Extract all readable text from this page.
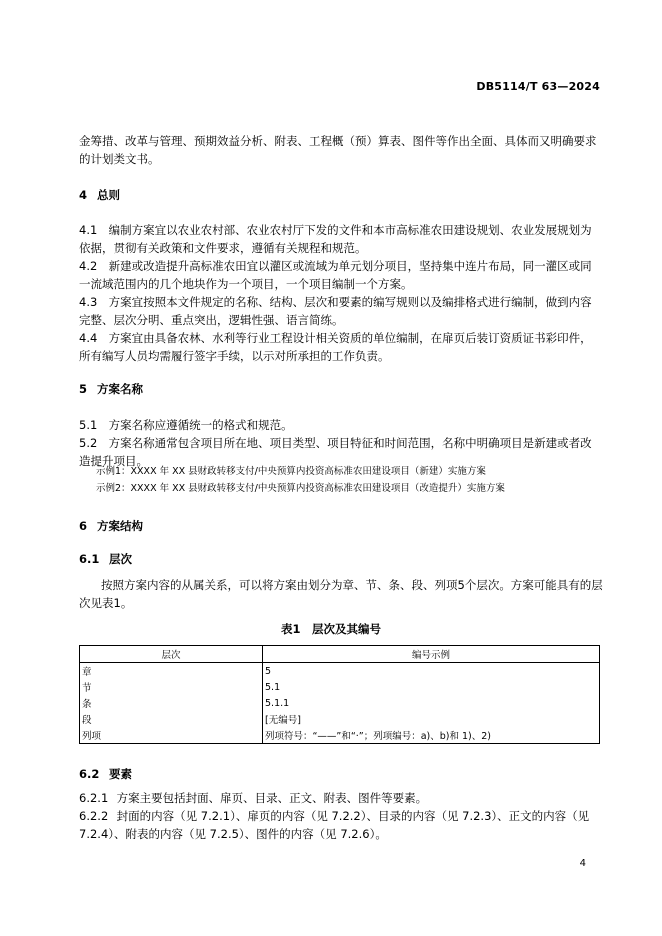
DB5114/T 63—2024
金筹措、改革与管理、预期效益分析、附表、工程概（预）算表、图件等作出全面、具体而又明确要求
的计划类文书。
4 总则
4.1 编制方案宜以农业农村部、农业农村厅下发的文件和本市高标准农田建设规划、农业发展规划为
依据，贯彻有关政策和文件要求，遵循有关规程和规范。
4.2 新建或改造提升高标准农田宜以灌区或流域为单元划分项目，坚持集中连片布局，同一灌区或同
一流域范围内的几个地块作为一个项目，一个项目编制一个方案。
4.3 方案宜按照本文件规定的名称、结构、层次和要素的编写规则以及编排格式进行编制，做到内容
完整、层次分明、重点突出，逻辑性强、语言简练。
4.4 方案宜由具备农林、水利等行业工程设计相关资质的单位编制，在扉页后装订资质证书彩印件，
所有编写人员均需履行签字手续，以示对所承担的工作负责。
5 方案名称
5.1 方案名称应遵循统一的格式和规范。
5.2 方案名称通常包含项目所在地、项目类型、项目特征和时间范围，名称中明确项目是新建或者改
造提升项目。
示例1：XXXX 年 XX 县财政转移支付/中央预算内投资高标准农田建设项目（新建）实施方案
示例2：XXXX 年 XX 县财政转移支付/中央预算内投资高标准农田建设项目（改造提升）实施方案
6 方案结构
6.1 层次
按照方案内容的从属关系，可以将方案由划分为章、节、条、段、列项5个层次。方案可能具有的层
次见表1。
表1　层次及其编号
层次	编号示例
章	5
节	5.1
条	5.1.1
段	[无编号]
列项	列项符号：“——”和“·”；列项编号：a)、b)和 1)、2)
6.2 要素
6.2.1 方案主要包括封面、扉页、目录、正文、附表、图件等要素。
6.2.2 封面的内容（见 7.2.1）、扉页的内容（见 7.2.2）、目录的内容（见 7.2.3）、正文的内容（见
7.2.4）、附表的内容（见 7.2.5）、图件的内容（见 7.2.6）。
4
